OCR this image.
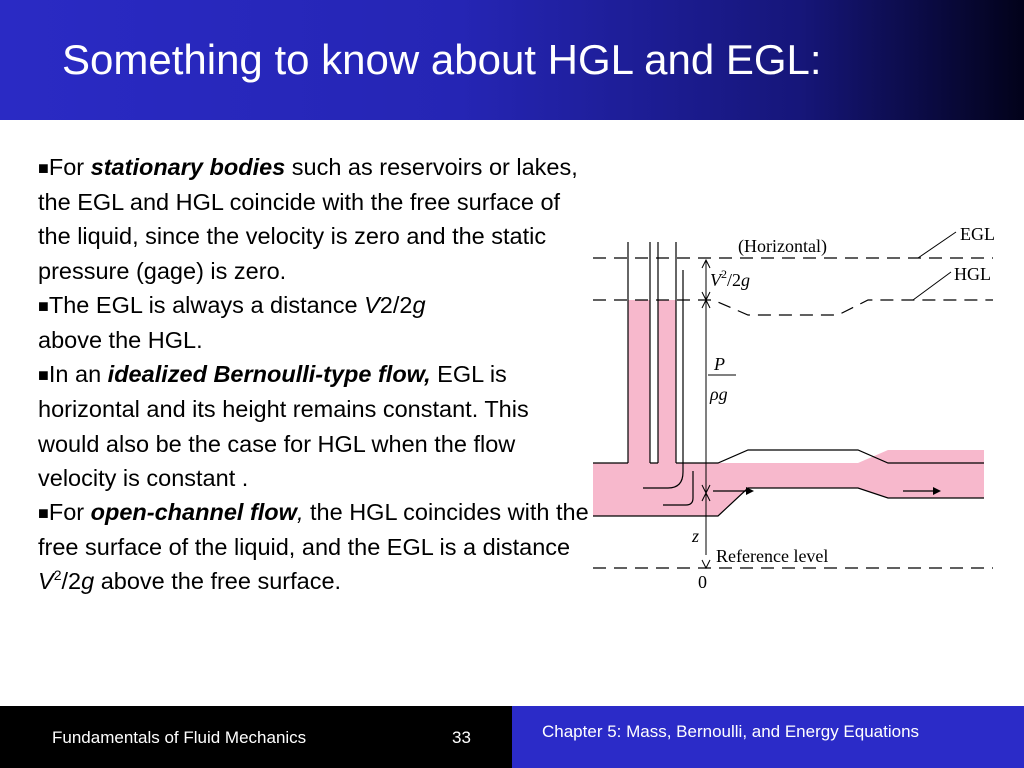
Something to know about HGL and EGL:

■For stationary bodies such as reservoirs or lakes, the EGL and HGL coincide with the free surface of the liquid, since the velocity is zero and the static pressure (gage) is zero.

■The EGL is always a distance V2/2g
above the HGL.

■In an idealized Bernoulli-type flow, EGL is horizontal and its height remains constant. This would also be the case for HGL when the flow velocity is constant .

■For open-channel flow, the HGL coincides with the free surface of the liquid, and the EGL is a distance $V^2/2g$ above the free surface.

EGL
HGL
(Horizontal)
$V^2/2g$
P
ρg
z
Reference level
0
Fundamentals of Fluid Mechanics	33	Chapter 5: Mass, Bernoulli, and Energy Equations
